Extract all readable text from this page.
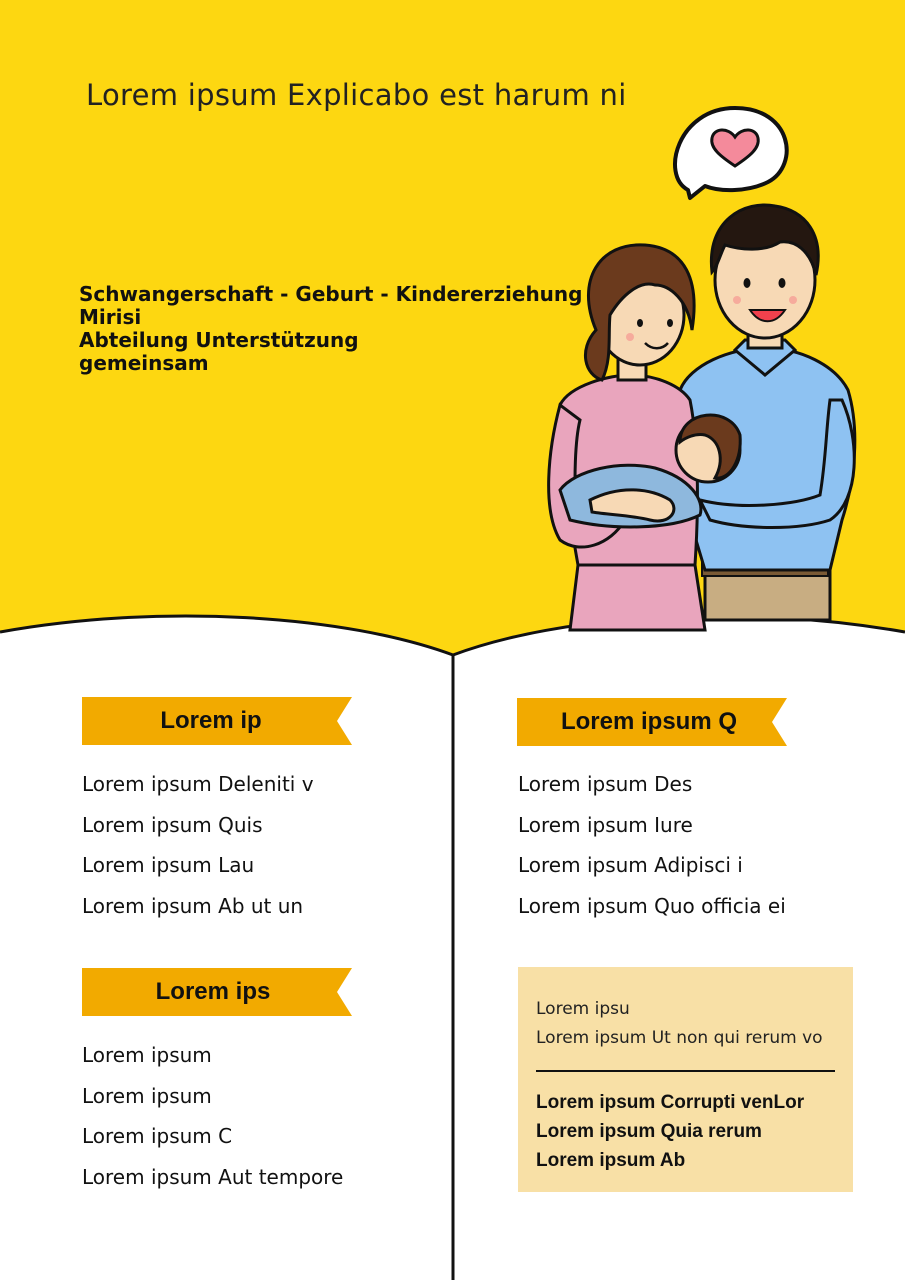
Lorem ipsum Explicabo est harum ni
Schwangerschaft - Geburt - Kindererziehung
Mirisi
Abteilung Unterstützung
gemeinsam
Lorem ip
Lorem ipsum Deleniti v
Lorem ipsum Quis
Lorem ipsum Lau
Lorem ipsum Ab ut un
Lorem ips
Lorem ipsum
Lorem ipsum
Lorem ipsum C
Lorem ipsum Aut tempore
Lorem ipsum Q
Lorem ipsum Des
Lorem ipsum Iure
Lorem ipsum Adipisci i
Lorem ipsum Quo officia ei
Lorem ipsu
Lorem ipsum Ut non qui rerum vo
Lorem ipsum Corrupti venLor
Lorem ipsum Quia rerum
Lorem ipsum Ab
